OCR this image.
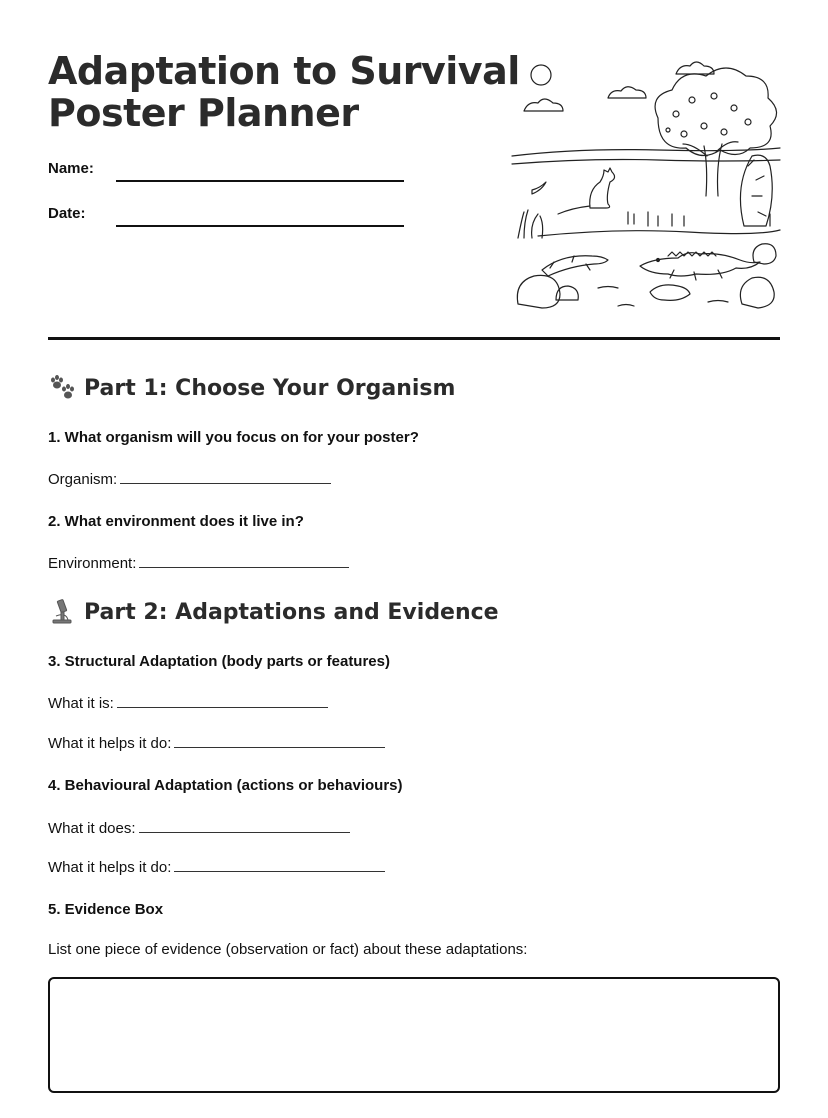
Adaptation to Survival
Poster Planner
Name:
Date:
Part 1: Choose Your Organism
1. What organism will you focus on for your poster?
Organism:
2. What environment does it live in?
Environment:
Part 2: Adaptations and Evidence
3. Structural Adaptation (body parts or features)
What it is:
What it helps it do:
4. Behavioural Adaptation (actions or behaviours)
What it does:
What it helps it do:
5. Evidence Box
List one piece of evidence (observation or fact) about these adaptations:
